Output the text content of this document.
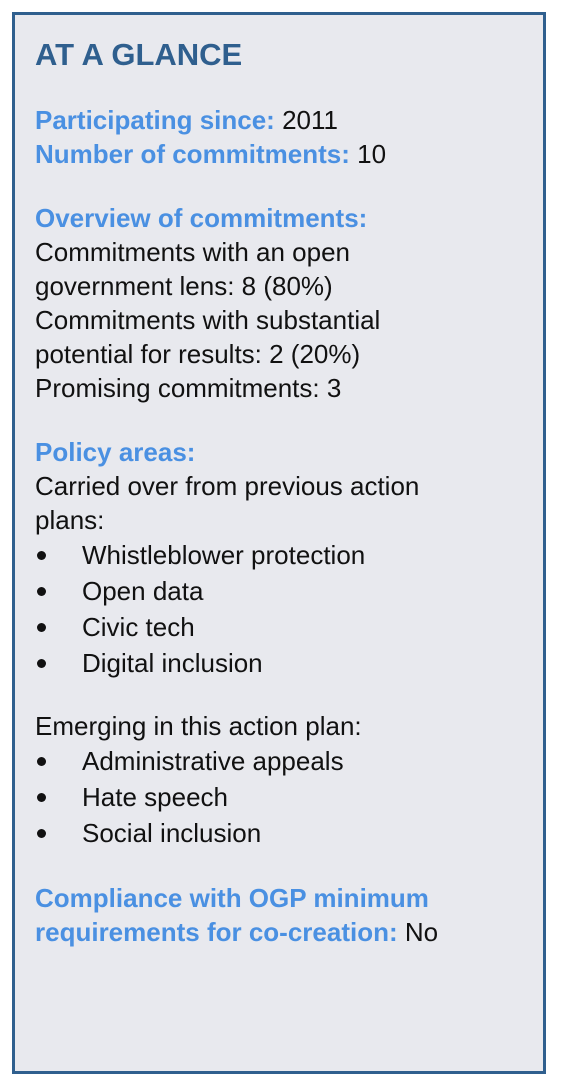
AT A GLANCE
Participating since: 2011
Number of commitments: 10
Overview of commitments:
Commitments with an open
government lens: 8 (80%)
Commitments with substantial
potential for results: 2 (20%)
Promising commitments: 3
Policy areas:
Carried over from previous action
plans:
Whistleblower protection
Open data
Civic tech
Digital inclusion
Emerging in this action plan:
Administrative appeals
Hate speech
Social inclusion
Compliance with OGP minimum
requirements for co-creation: No
